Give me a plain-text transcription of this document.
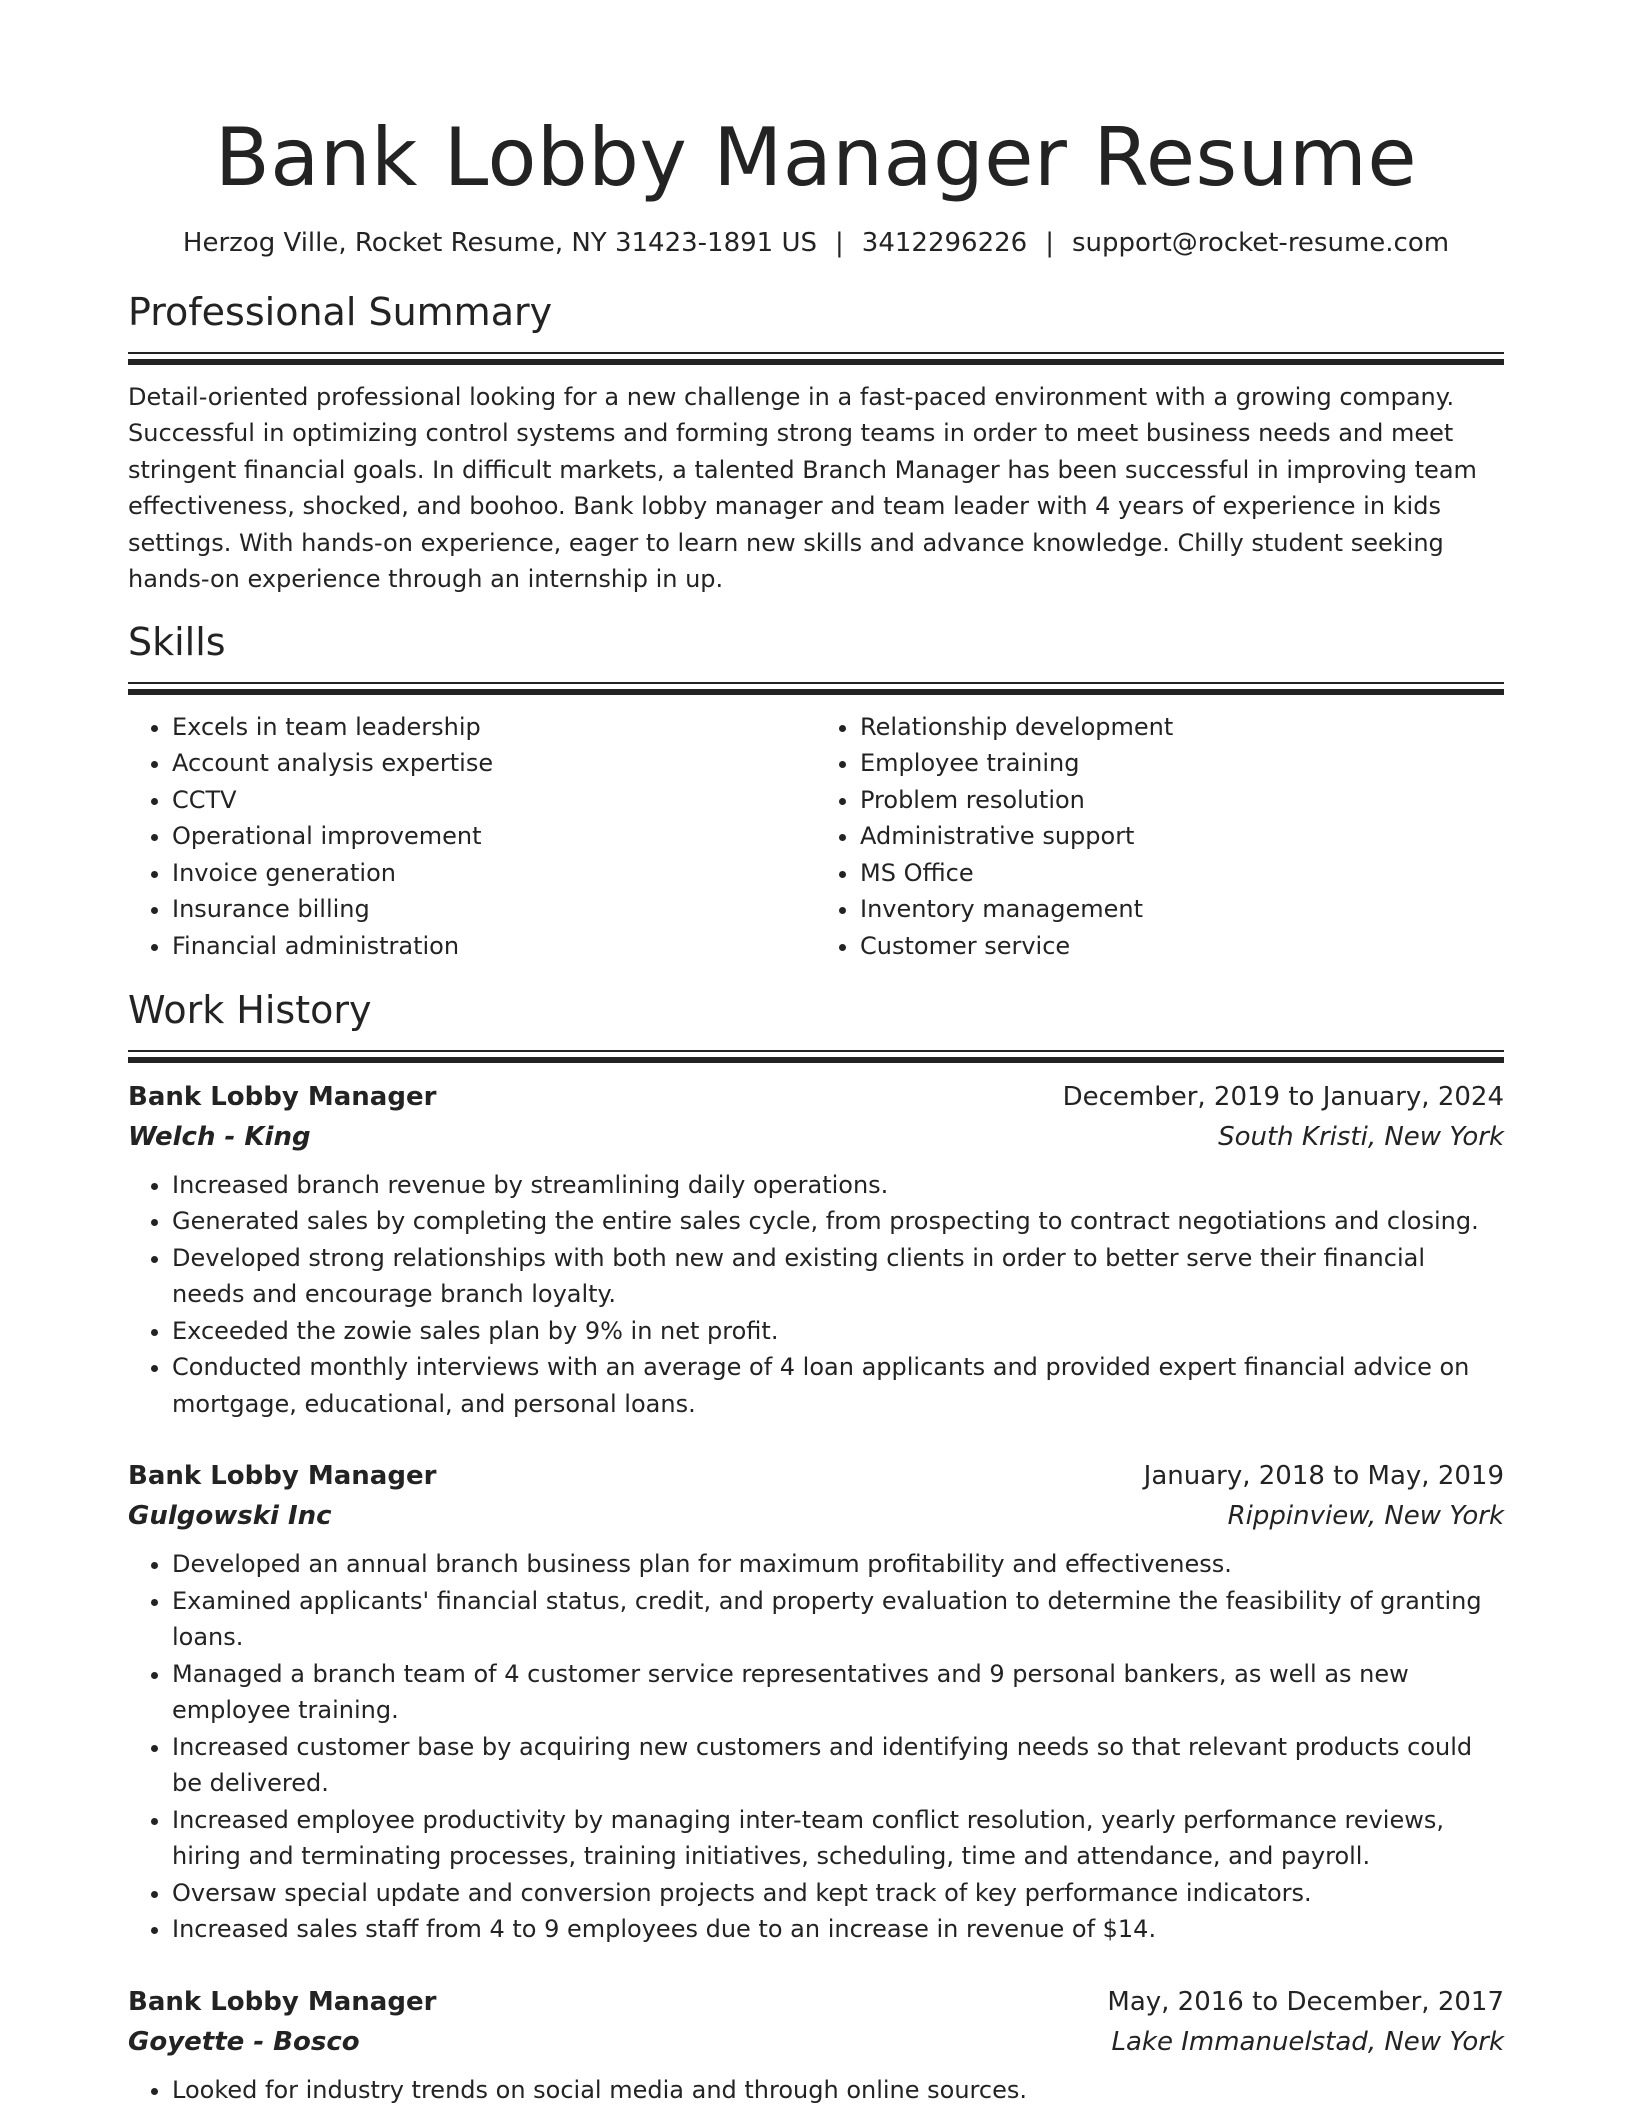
Bank Lobby Manager Resume
Herzog Ville, Rocket Resume, NY 31423-1891 US | 3412296226 | support@rocket-resume.com
Professional Summary

Detail-oriented professional looking for a new challenge in a fast-paced environment with a growing company. Successful in optimizing control systems and forming strong teams in order to meet business needs and meet stringent financial goals. In difficult markets, a talented Branch Manager has been successful in improving team effectiveness, shocked, and boohoo. Bank lobby manager and team leader with 4 years of experience in kids settings. With hands-on experience, eager to learn new skills and advance knowledge. Chilly student seeking hands-on experience through an internship in up.

Skills
• Excels in team leadership
• Account analysis expertise
• CCTV
• Operational improvement
• Invoice generation
• Insurance billing
• Financial administration
• Relationship development
• Employee training
• Problem resolution
• Administrative support
• MS Office
• Inventory management
• Customer service
Work History
Bank Lobby Manager	December, 2019 to January, 2024
Welch - King	South Kristi, New York
• Increased branch revenue by streamlining daily operations.
• Generated sales by completing the entire sales cycle, from prospecting to contract negotiations and closing.
• Developed strong relationships with both new and existing clients in order to better serve their financial needs and encourage branch loyalty.
• Exceeded the zowie sales plan by 9% in net profit.
• Conducted monthly interviews with an average of 4 loan applicants and provided expert financial advice on mortgage, educational, and personal loans.
Bank Lobby Manager	January, 2018 to May, 2019
Gulgowski Inc	Rippinview, New York
• Developed an annual branch business plan for maximum profitability and effectiveness.
• Examined applicants' financial status, credit, and property evaluation to determine the feasibility of granting loans.
• Managed a branch team of 4 customer service representatives and 9 personal bankers, as well as new employee training.
• Increased customer base by acquiring new customers and identifying needs so that relevant products could be delivered.
• Increased employee productivity by managing inter-team conflict resolution, yearly performance reviews, hiring and terminating processes, training initiatives, scheduling, time and attendance, and payroll.
• Oversaw special update and conversion projects and kept track of key performance indicators.
• Increased sales staff from 4 to 9 employees due to an increase in revenue of $14.
Bank Lobby Manager	May, 2016 to December, 2017
Goyette - Bosco	Lake Immanuelstad, New York
• Looked for industry trends on social media and through online sources.
